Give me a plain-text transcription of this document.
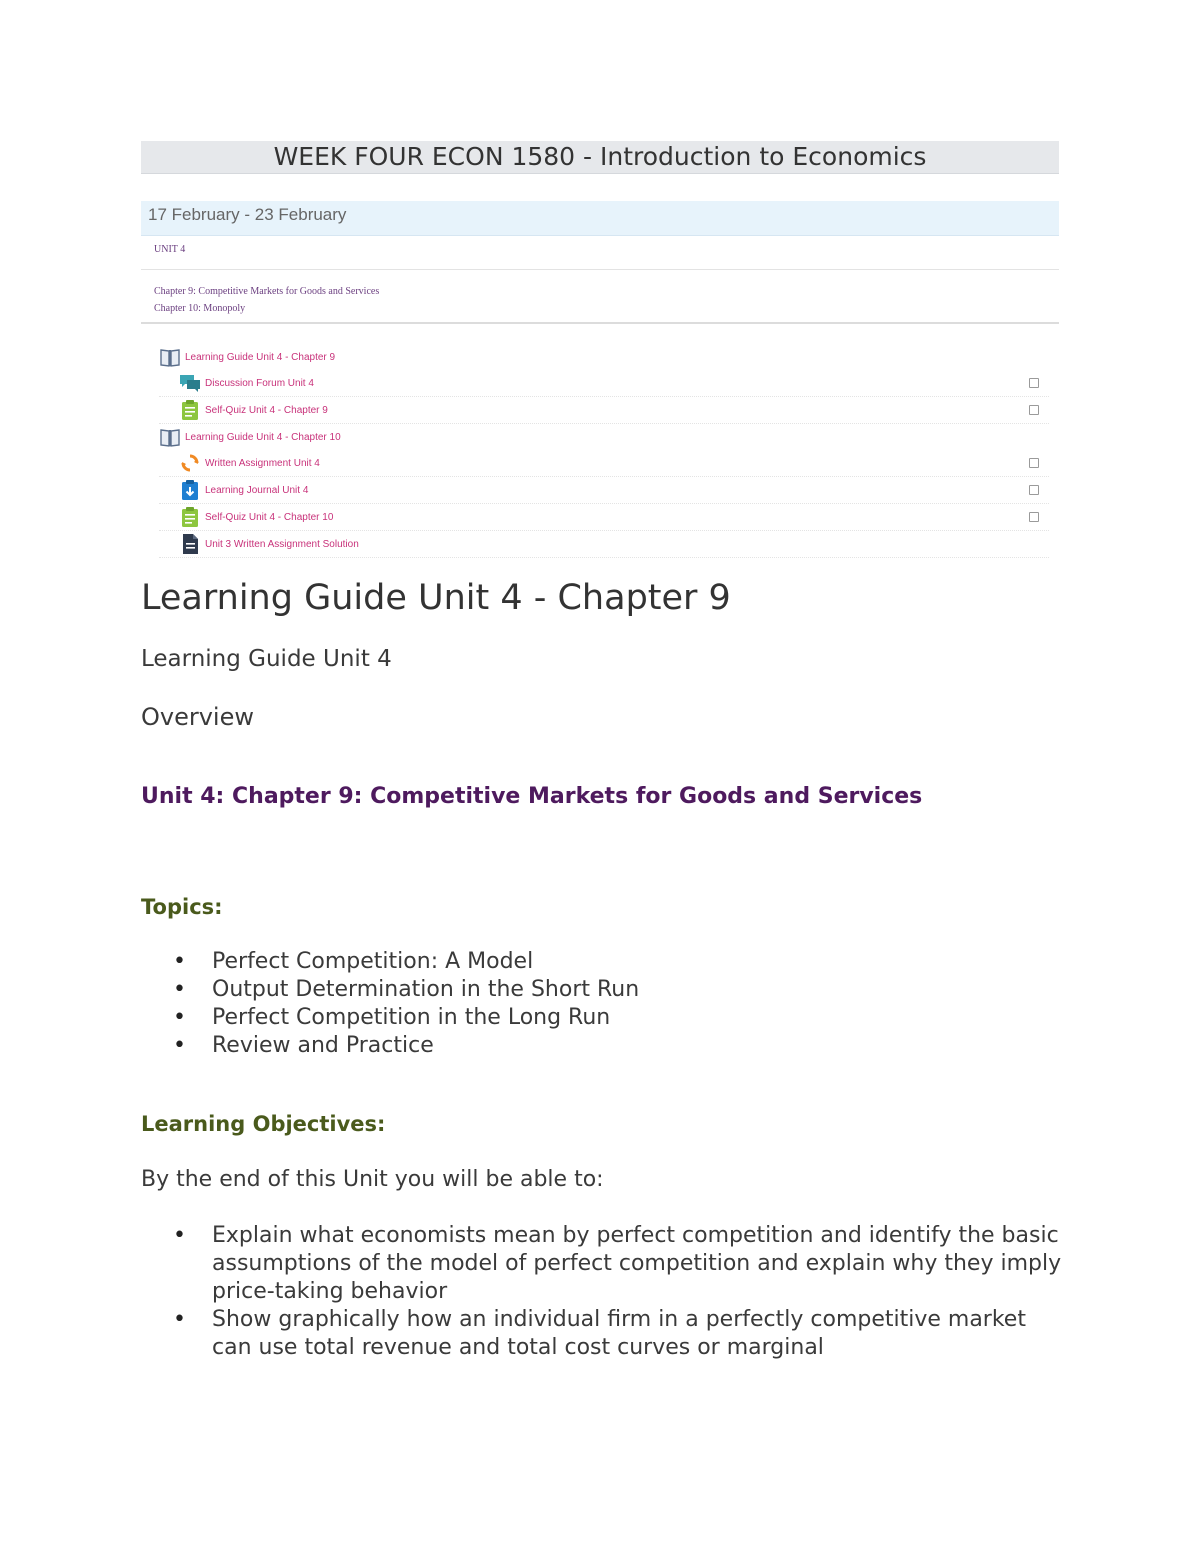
WEEK FOUR ECON 1580 - Introduction to Economics
17 February - 23 February
UNIT 4
Chapter 9: Competitive Markets for Goods and Services
Chapter 10: Monopoly
Learning Guide Unit 4 - Chapter 9
Discussion Forum Unit 4
Self-Quiz Unit 4 - Chapter 9
Learning Guide Unit 4 - Chapter 10
Written Assignment Unit 4
Learning Journal Unit 4
Self-Quiz Unit 4 - Chapter 10
Unit 3 Written Assignment Solution
Learning Guide Unit 4 - Chapter 9
Learning Guide Unit 4
Overview
Unit 4: Chapter 9: Competitive Markets for Goods and Services
Topics:
• Perfect Competition: A Model
• Output Determination in the Short Run
• Perfect Competition in the Long Run
• Review and Practice
Learning Objectives:
By the end of this Unit you will be able to:
• Explain what economists mean by perfect competition and identify the basic assumptions of the model of perfect competition and explain why they imply price-taking behavior
• Show graphically how an individual firm in a perfectly competitive market can use total revenue and total cost curves or marginal
